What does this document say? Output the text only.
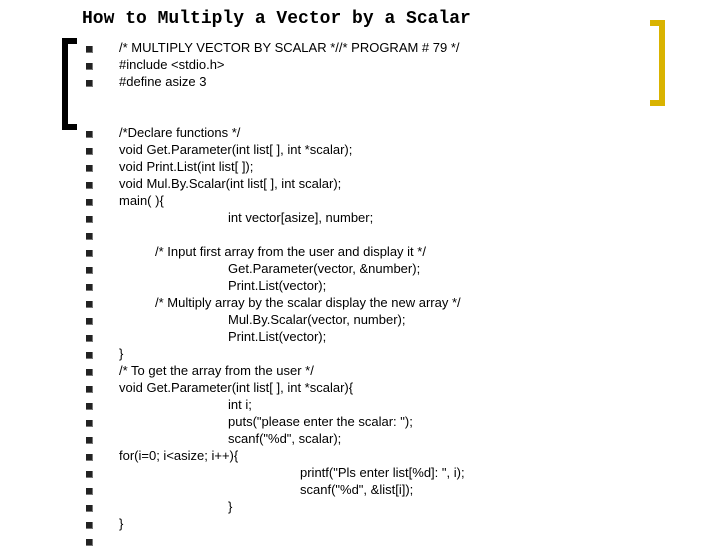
How to Multiply a Vector by a Scalar
/* MULTIPLY VECTOR BY SCALAR *//* PROGRAM # 79 */
#include <stdio.h>
#define asize 3
/*Declare functions */
void Get.Parameter(int list[ ], int *scalar);
void Print.List(int list[ ]);
void Mul.By.Scalar(int list[ ], int scalar);
main( ){
int vector[asize], number;
/* Input first array from the user and display it */
Get.Parameter(vector, &number);
Print.List(vector);
/* Multiply array by the scalar display the new array */
Mul.By.Scalar(vector, number);
Print.List(vector);
}
/* To get the array from the user */
void Get.Parameter(int list[ ], int *scalar){
int i;
puts("please enter the scalar: ");
scanf("%d", scalar);
for(i=0; i<asize; i++){
printf("Pls enter list[%d]: ", i);
scanf("%d", &list[i]);
}
}
